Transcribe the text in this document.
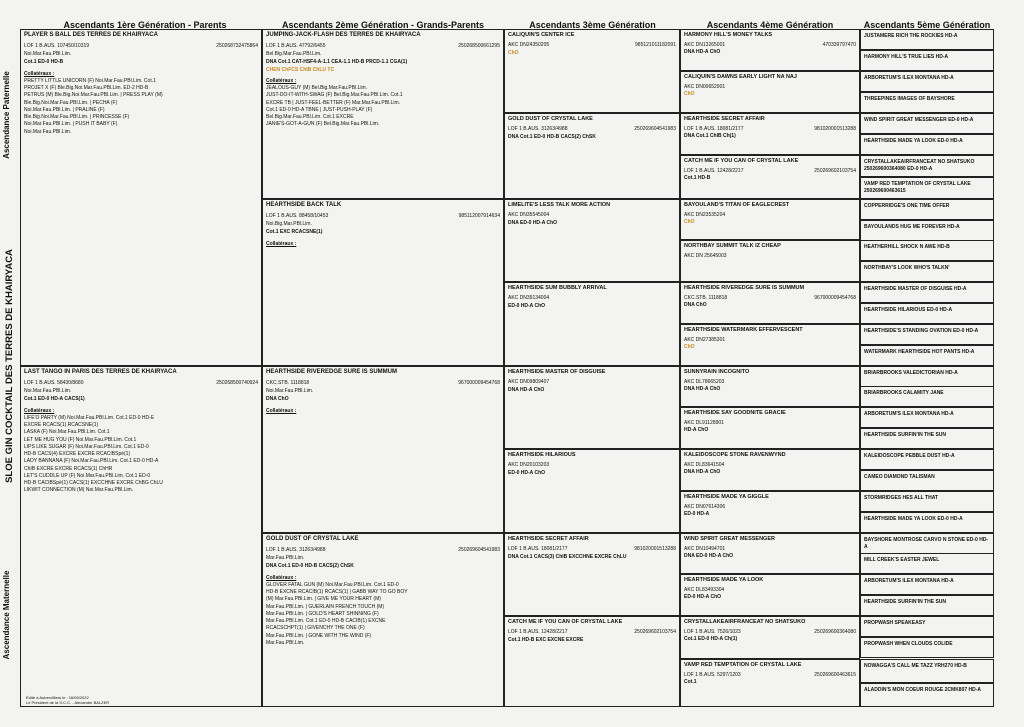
Ascendants 1ère Génération - Parents	Ascendants 2ème Génération - Grands-Parents	Ascendants 3ème Génération	Ascendants 4ème Génération	Ascendants 5ème Génération
Ascendance Paternelle
SLOE GIN COCKTAIL DES TERRES DE KHAIRYACA
Ascendance Maternelle
PLAYER S BALL DES TERRES DE KHAIRYACA
LOF 1 B.AUS. 107450/10319	250268732475864
Noi.Mar.Fau.PBl.Lim.
Cot.1 ED-0 HD-B
Collatéraux :
PRETTY LITTLE UNICORN (F) Noi.Mar.Fau.PBl.Lim. Cot.1
PROJET X (F) Ble.Big.Noi.Mar.Fau.PBl.Lim. ED-2 HD-B
PETRUS (M) Ble.Big.Noi.Mar.Fau.PBl.Lim. | PRESS PLAY (M)
Ble.Big.Noi.Mar.Fau.PBl.Lim. | PECHA (F)
Noi.Mar.Fau.PBl.Lim. | PRALINE (F)
Ble.Big.Noi.Mar.Fau.PBl.Lim. | PRINCESSE (F)
Noi.Mar.Fau.PBl.Lim. | PUSH IT BABY (F)
Noi.Mar.Fau.PBl.Lim.
LAST TANGO IN PARIS DES TERRES DE KHAIRYACA
LOF 1 B.AUS. 58430/8680	250268500740924
Noi.Mar.Fau.PBl.Lim.
Cot.1 ED-0 HD-A CACS(1)
Collatéraux :
LIFE'O PARTY (M) Noi.Mar.Fau.PBl.Lim. Cot.1 ED-0 HD-E
EXCRE RCACS(1) RCACSNE(1)
LASKA (F) Noi.Mar.Fau.PBl.Lim. Cot.1
LET ME HUG YOU (F) Noi.Mar.Fau.PBl.Lim. Cot.1
LIPS LIKE SUGAR (F) Noi.Mar.Fau.PBl.Lim. Cot.1 ED-0
HD-B CACS(4) EXCRE EXCRE RCACIBSpé(1)
LADY BANNANA (F) Noi.Mar.Fau.PBl.Lim. Cot.1 ED-0 HD-A
ChIB EXCRE EXCRE RCACS(1) ChHR
LET'S CUDDLE UP (F) Noi.Mar.Fau.PBl.Lim. Cot.1 ED-0
HD-B CACIBSpé(1) CACS(1) EXCCHNE EXCRE ChBG ChLU
LIKWIT CONNECTION (M) Noi.Mar.Fau.PBl.Lim.
JUMPING-JACK-FLASH DES TERRES DE KHAIRYACA
LOF 1 B.AUS. 47792/6455	250268500661295
Bel.Big.Mar.Fau.PBl.Lim.
DNA Cot.1 CAT-HSF4-A-1.1 CEA-1.1 HD-B PRCD-1.1 CGA(1)
CHEN ChFCS ChIB ChLU TC
Collatéraux :
JEALOUS-GUY (M) Bel.Big.Mar.Fau.PBl.Lim.
JUST-DO-IT-WITH-SWAG (F) Bel.Big.Mar.Fau.PBl.Lim. Cot.1
EXCRE TB | JUST-FEEL-BETTER (F) Mar.Mar.Fau.PBl.Lim.
Cot.1 ED-0 HD-A TBNE | JUST-PUSH-PLAY (F)
Bel.Big.Mar.Fau.PBl.Lim. Cot.1 EXCRE
JANIE'S-GOT-A-GUN (F) Bel.Big.Mar.Fau.PBl.Lim.
HEARTHSIDE BACK TALK
LOF 1 B.AUS. 88458/10453	985112007914634
Noi.Big.Mar.PBl.Lim.
Cot.1 EXC RCACSNE(1)
Collatéraux :
HEARTHSIDE RIVEREDGE SURE IS SUMMUM
CKC.STB. 1118818	967000009454768
Noi.Mar.Fau.PBl.Lim.
DNA ChO
Collatéraux :
GOLD DUST OF CRYSTAL LAKE
LOF 1 B.AUS. 31263/4988	250269604541983
Mar.Fau.PBl.Lim.
DNA Cot.1 ED-0 HD-B CACS(2) ChSK
Collatéraux :
GLOVER FATAL GUN (M) Noi.Mar.Fau.PBl.Lim. Cot.1 ED-0
HD-B EXCNE RCACIB(1) RCACS(1) | GABB WAY TO GO BOY
(M) Mar.Fau.PBl.Lim. | GIVE ME YOUR HEART (M)
Mar.Fau.PBl.Lim. | GUERLAIN FRENCH TOUCH (M)
Mar.Fau.PBl.Lim. | GOLD'S HEART SHINNING (F)
Mar.Fau.PBl.Lim. Cot.1 ED-0 HD-B CACIB(1) EXCNE
RCACSCHPT(1) | GIVENCHY THE ONE (F)
Mar.Fau.PBl.Lim. | GONE WITH THE WIND (F)
Mar.Fau.PBl.Lim.
CALIQUIN'S CENTER ICE
AKC DN24350205	985121011182091
ChO
GOLD DUST OF CRYSTAL LAKE
LOF 1 B.AUS. 31263/4988	250269604541983
DNA Cot.1 ED-0 HD-B CACS(2) ChSK
LIMELITE'S LESS TALK MORE ACTION
AKC DN35545004
DNA ED-0 HD-A ChO
HEARTHSIDE SUM BUBBLY ARRIVAL
AKC DN39134004
ED-0 HD-A ChO
HEARTHSIDE MASTER OF DISGUISE
AKC DN09809407
DNA HD-A ChO
HEARTHSIDE HILARIOUS
AKC DN20103203
ED-0 HD-A ChO
HEARTHSIDE SECRET AFFAIR
LOF 1 B.AUS. 18081/2177	981020001513288
DNA Cot.1 CACS(3) ChIB EXCCHNE EXCRE ChLU
CATCH ME IF YOU CAN OF CRYSTAL LAKE
LOF 1 B.AUS. 12428/2217	250269602103754
Cot.1 HD-B EXC EXCNE EXCRE
HARMONY HILL'S MONEY TALKS
AKC DN13265001	470339797470
DNA HD-A ChO
CALIQUIN'S DAWNS EARLY LIGHT NA NAJ
AKC DN00652901
ChO
HEARTHSIDE SECRET AFFAIR
LOF 1 B.AUS. 18081/2177	981020001513288
DNA Cot.1 ChIB Ch(1)
CATCH ME IF YOU CAN OF CRYSTAL LAKE
LOF 1 B.AUS. 12428/2217	250269602103754
Cot.1 HD-B
BAYOULAND'S TITAN OF EAGLECREST
AKC DN23535204
ChO
NORTHBAY SUMMIT TALK IZ CHEAP
AKC DN 25645003
HEARTHSIDE RIVEREDGE SURE IS SUMMUM
CKC.STB. 1118818	967000009454768
DNA ChO
HEARTHSIDE WATERMARK EFFERVESCENT
AKC DN27385301
ChO
SUNNYRAIN INCOGNITO
AKC DL78665203
DNA HD-A ChO
HEARTHSIDE SAY GOODNITE GRACIE
AKC DL91128901
HD-A ChO
KALEIDOSCOPE STONE RAVENWYND
AKC DL83641504
DNA HD-A ChO
HEARTHSIDE MADE YA GIGGLE
AKC DN07614306
ED-0 HD-A
WIND SPIRIT GREAT MESSENGER
AKC DN10494701
DNA ED-0 HD-A ChO
HEARTHSIDE MADE YA LOOK
AKC DL83493304
ED-0 HD-A ChO
CRYSTALLAKEAIRFRANCEAT NO SHATSUKO
LOF 1 B.AUS. 7526/1023	250269600364080
Cot.1 ED-0 HD-A Ch(1)
VAMP RED TEMPTATION OF CRYSTAL LAKE
LOF 1 B.AUS. 5297/1203	250269600463615
Cot.1
JUSTAMERE RICH THE ROCKIES HD-A
HARMONY HILL'S TRUE LIES HD-A
ARBORETUM'S ILEX MONTANA HD-A
THREEPINES IMAGES OF BAYSHORE
WIND SPIRIT GREAT MESSENGER ED-0 HD-A
HEARTHSIDE MADE YA LOOK ED-0 HD-A
CRYSTALLAKEAIRFRANCEAT NO SHATSUKO 250269600364080 ED-0 HD-A
VAMP RED TEMPTATION OF CRYSTAL LAKE 250269600463615
COPPERRIDGE'S ONE TIME OFFER
BAYOULANDS HUG ME FOREVER HD-A
HEATHERHILL SHOCK N AWE HD-B
NORTHBAY'S LOOK WHO'S TALKN'
HEARTHSIDE MASTER OF DISGUISE HD-A
HEARTHSIDE HILARIOUS ED-0 HD-A
HEARTHSIDE'S STANDING OVATION ED-0 HD-A
WATERMARK HEARTHSIDE HOT PANTS HD-A
BRIARBROOKS VALEDICTORIAN HD-A
BRIARBROOKS CALAMITY JANE
ARBORETUM'S ILEX MONTANA HD-A
HEARTHSIDE SURFIN'IN THE SUN
KALEIDOSCOPE PEBBLE DUST HD-A
CAMEO DIAMOND TALISMAN
STORMRIDGES HES ALL THAT
HEARTHSIDE MADE YA LOOK ED-0 HD-A
BAYSHORE MONTROSE CARVO N STONE ED-0 HD-A
MILL CREEK'S EASTER JEWEL
ARBORETUM'S ILEX MONTANA HD-A
HEARTHSIDE SURFIN'IN THE SUN
PROPWASH SPEAKEASY
PROPWASH WHEN CLOUDS COLIDE
NOWAGGA'S CALL ME TAZZ YRH270 HD-B
ALADDIN'S MON COEUR ROUGE 2CMK807 HD-A
Édité à Aubervilliers le : 16/05/2022
Le Président de la S.C.C. - Alexandre BALZER
